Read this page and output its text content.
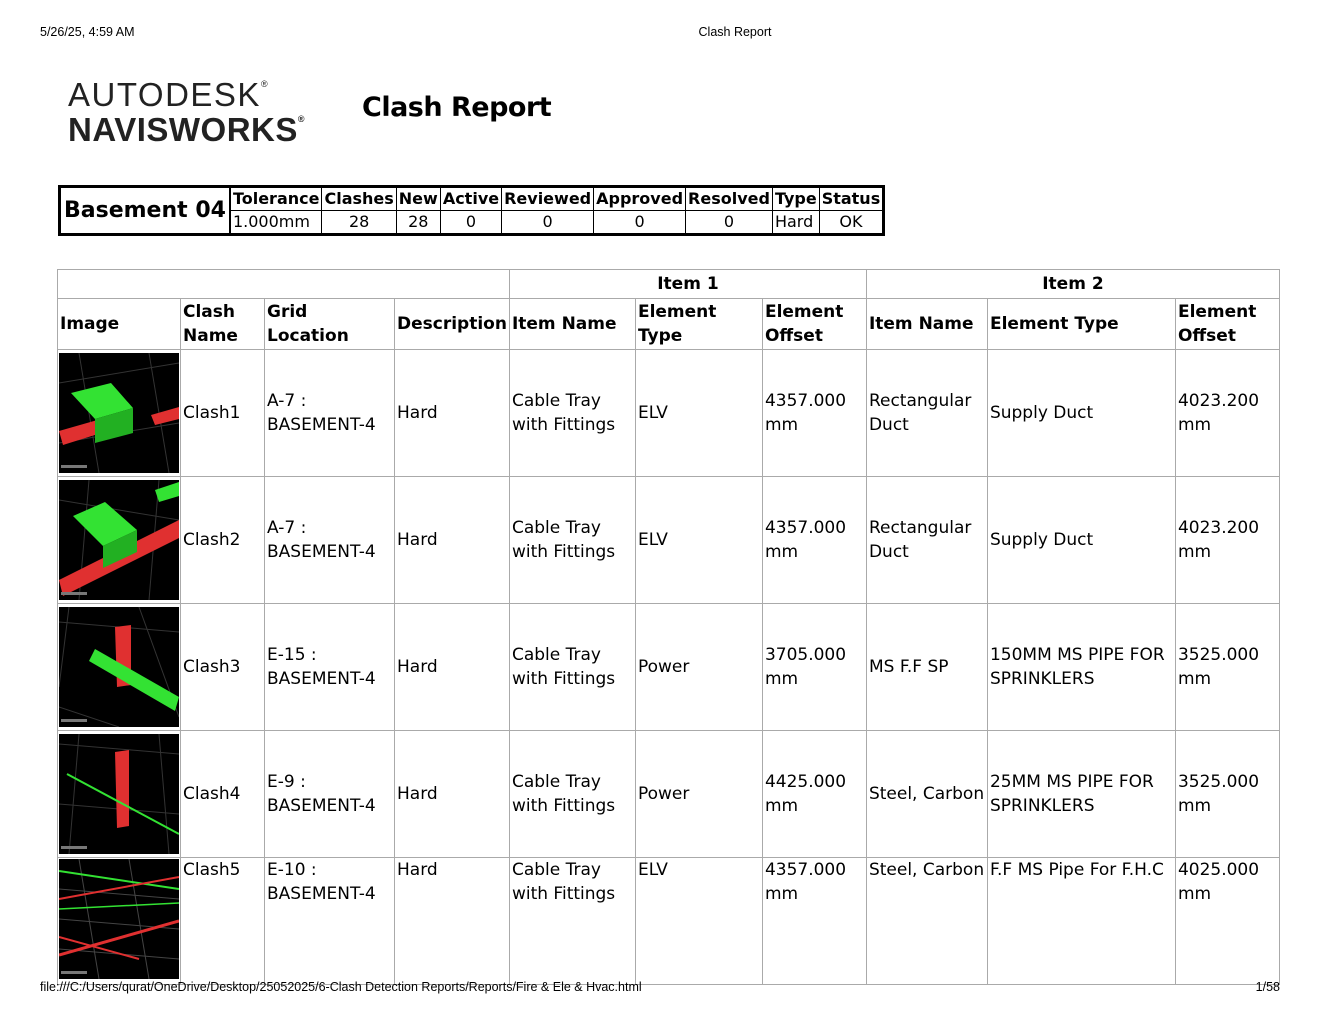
5/26/25, 4:59 AM	Clash Report
AUTODESK®
NAVISWORKS® Clash Report
Basement 04	Tolerance	Clashes	New	Active	Reviewed	Approved	Resolved	Type	Status
	1.000mm	28	28	0	0	0	0	Hard	OK
				Item 1			Item 2		
Image	Clash Name	Grid Location	Description	Item Name	Element Type	Element Offset	Item Name	Element Type	Element Offset

	Clash1	A-7 : BASEMENT-4	Hard	Cable Tray with Fittings	ELV	4357.000 mm	Rectangular Duct	Supply Duct	4023.200 mm

	Clash2	A-7 : BASEMENT-4	Hard	Cable Tray with Fittings	ELV	4357.000 mm	Rectangular Duct	Supply Duct	4023.200 mm

	Clash3	E-15 : BASEMENT-4	Hard	Cable Tray with Fittings	Power	3705.000 mm	MS F.F SP	150MM MS PIPE FOR SPRINKLERS	3525.000 mm

	Clash4	E-9 : BASEMENT-4	Hard	Cable Tray with Fittings	Power	4425.000 mm	Steel, Carbon	25MM MS PIPE FOR SPRINKLERS	3525.000 mm

	Clash5	E-10 : BASEMENT-4	Hard	Cable Tray with Fittings	ELV	4357.000 mm	Steel, Carbon	F.F MS Pipe For F.H.C	4025.000 mm
file:///C:/Users/qurat/OneDrive/Desktop/25052025/6-Clash Detection Reports/Reports/Fire & Ele & Hvac.html	1/58
